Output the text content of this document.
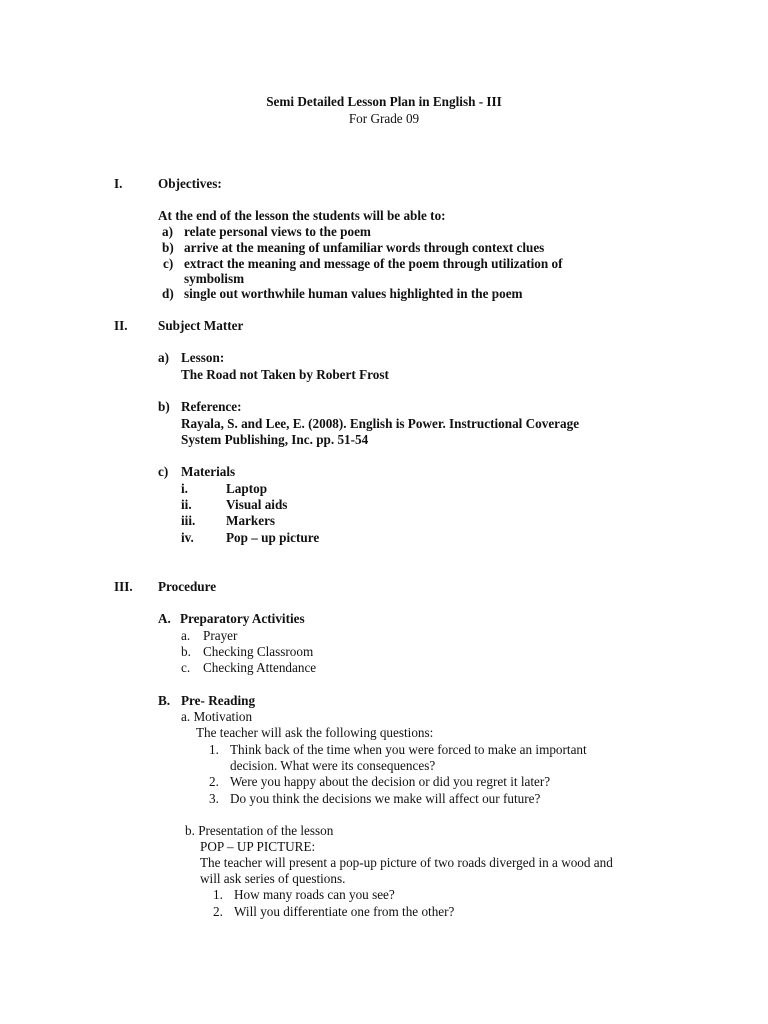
Semi Detailed Lesson Plan in English - III
For Grade 09
I.	Objectives:
At the end of the lesson the students will be able to:
a) relate personal views to the poem
b) arrive at the meaning of unfamiliar words through context clues
c) extract the meaning and message of the poem through utilization of
symbolism
d) single out worthwhile human values highlighted in the poem
II. Subject Matter
a) Lesson:
The Road not Taken by Robert Frost
b) Reference:
Rayala, S. and Lee, E. (2008). English is Power. Instructional Coverage
System Publishing, Inc. pp. 51-54
c) Materials
i.	Laptop
ii.	Visual aids
iii. Markers
iv. Pop – up picture
III. Procedure
A. Preparatory Activities
a. Prayer
b. Checking Classroom
c. Checking Attendance
B. Pre- Reading
a. Motivation
The teacher will ask the following questions:
1. Think back of the time when you were forced to make an important
decision. What were its consequences?
2. Were you happy about the decision or did you regret it later?
3. Do you think the decisions we make will affect our future?
b. Presentation of the lesson
POP – UP PICTURE:
The teacher will present a pop-up picture of two roads diverged in a wood and
will ask series of questions.
1. How many roads can you see?
2. Will you differentiate one from the other?
